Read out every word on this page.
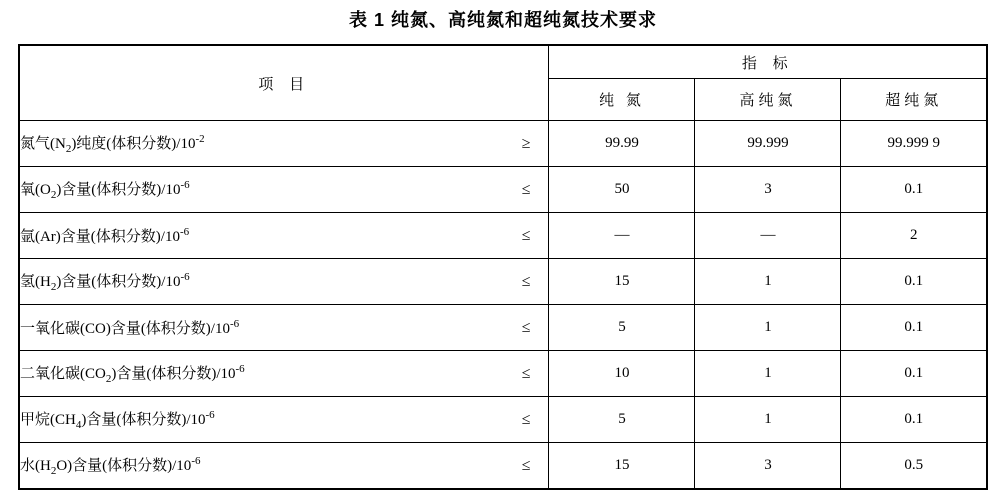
表 1 纯氮、高纯氮和超纯氮技术要求
项 目	指 标		
	纯 氮	高纯氮	超纯氮

氮气$(N_2)$纯度(体积分数)$/10^{-2}$ ≥	99.99	99.999	99.999 9

氧$(O_2)$含量(体积分数)$/10^{-6}$ ≤	50	3	0.1

氩(Ar)含量(体积分数)$/10^{-6}$ ≤	—	—	2

氢$(H_2)$含量(体积分数)$/10^{-6}$ ≤	15	1	0.1

一氧化碳(CO)含量(体积分数)$/10^{-6}$ ≤	5	1	0.1

二氧化碳$(CO_2)$含量(体积分数)$/10^{-6}$ ≤	10	1	0.1

甲烷$(CH_4)$含量(体积分数)$/10^{-6}$ ≤	5	1	0.1

水$(H_2O)$含量(体积分数)$/10^{-6}$ ≤	15	3	0.5
